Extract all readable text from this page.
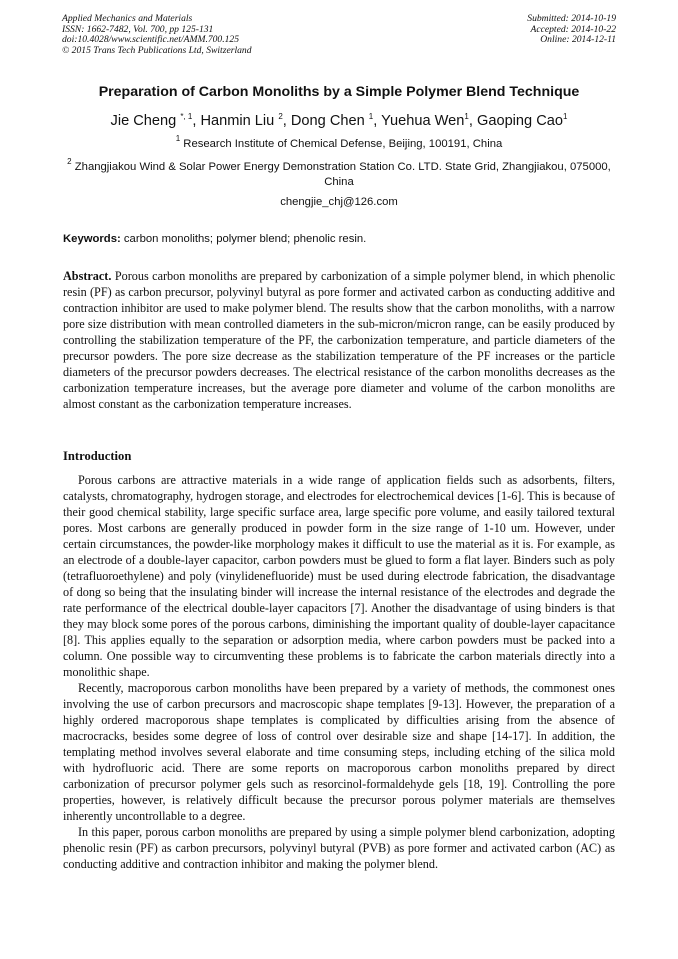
Applied Mechanics and Materials
ISSN: 1662-7482, Vol. 700, pp 125-131
doi:10.4028/www.scientific.net/AMM.700.125
© 2015 Trans Tech Publications Ltd, Switzerland
Submitted: 2014-10-19
Accepted: 2014-10-22
Online: 2014-12-11
Preparation of Carbon Monoliths by a Simple Polymer Blend Technique
Jie Cheng $^{*, 1}$, Hanmin Liu $^2$, Dong Chen $^1$, Yuehua Wen$^1$, Gaoping Cao$^1$
$^1$ Research Institute of Chemical Defense, Beijing, 100191, China
$^2$ Zhangjiakou Wind & Solar Power Energy Demonstration Station Co. LTD. State Grid, Zhangjiakou, 075000, China
chengjie_chj@126.com
Keywords: carbon monoliths; polymer blend; phenolic resin.

Abstract. Porous carbon monoliths are prepared by carbonization of a simple polymer blend, in which phenolic resin (PF) as carbon precursor, polyvinyl butyral as pore former and activated carbon as conducting additive and contraction inhibitor are used to make polymer blend. The results show that the carbon monoliths, with a narrow pore size distribution with mean controlled diameters in the sub-micron/micron range, can be easily produced by controlling the stabilization temperature of the PF, the carbonization temperature, and particle diameters of the precursor powders. The pore size decrease as the stabilization temperature of the PF increases or the particle diameters of the precursor powders decreases. The electrical resistance of the carbon monoliths decreases as the carbonization temperature increases, but the average pore diameter and volume of the carbon monoliths are almost constant as the carbonization temperature increases.

Introduction

Porous carbons are attractive materials in a wide range of application fields such as adsorbents, filters, catalysts, chromatography, hydrogen storage, and electrodes for electrochemical devices [1-6]. This is because of their good chemical stability, large specific surface area, large specific pore volume, and easily tailored textural pores. Most carbons are generally produced in powder form in the size range of 1-10 um. However, under certain circumstances, the powder-like morphology makes it difficult to use the material as it is. For example, as an electrode of a double-layer capacitor, carbon powders must be glued to form a flat layer. Binders such as poly (tetrafluoroethylene) and poly (vinylidenefluoride) must be used during electrode fabrication, the disadvantage of dong so being that the insulating binder will increase the internal resistance of the electrodes and degrade the rate performance of the electrical double-layer capacitors [7]. Another the disadvantage of using binders is that they may block some pores of the porous carbons, diminishing the important quality of double-layer capacitance [8]. This applies equally to the separation or adsorption media, where carbon powders must be packed into a column. One possible way to circumventing these problems is to fabricate the carbon materials directly into a monolithic shape.

Recently, macroporous carbon monoliths have been prepared by a variety of methods, the commonest ones involving the use of carbon precursors and macroscopic shape templates [9-13]. However, the preparation of a highly ordered macroporous shape templates is complicated by difficulties arising from the absence of macrocracks, besides some degree of loss of control over desirable size and shape [14-17]. In addition, the templating method involves several elaborate and time consuming steps, including etching of the silica mold with hydrofluoric acid. There are some reports on macroporous carbon monoliths prepared by direct carbonization of precursor polymer gels such as resorcinol-formaldehyde gels [18, 19]. Controlling the pore properties, however, is relatively difficult because the precursor porous polymer materials are themselves inherently uncontrollable to a degree.

In this paper, porous carbon monoliths are prepared by using a simple polymer blend carbonization, adopting phenolic resin (PF) as carbon precursors, polyvinyl butyral (PVB) as pore former and activated carbon (AC) as conducting additive and contraction inhibitor and making the polymer blend.
